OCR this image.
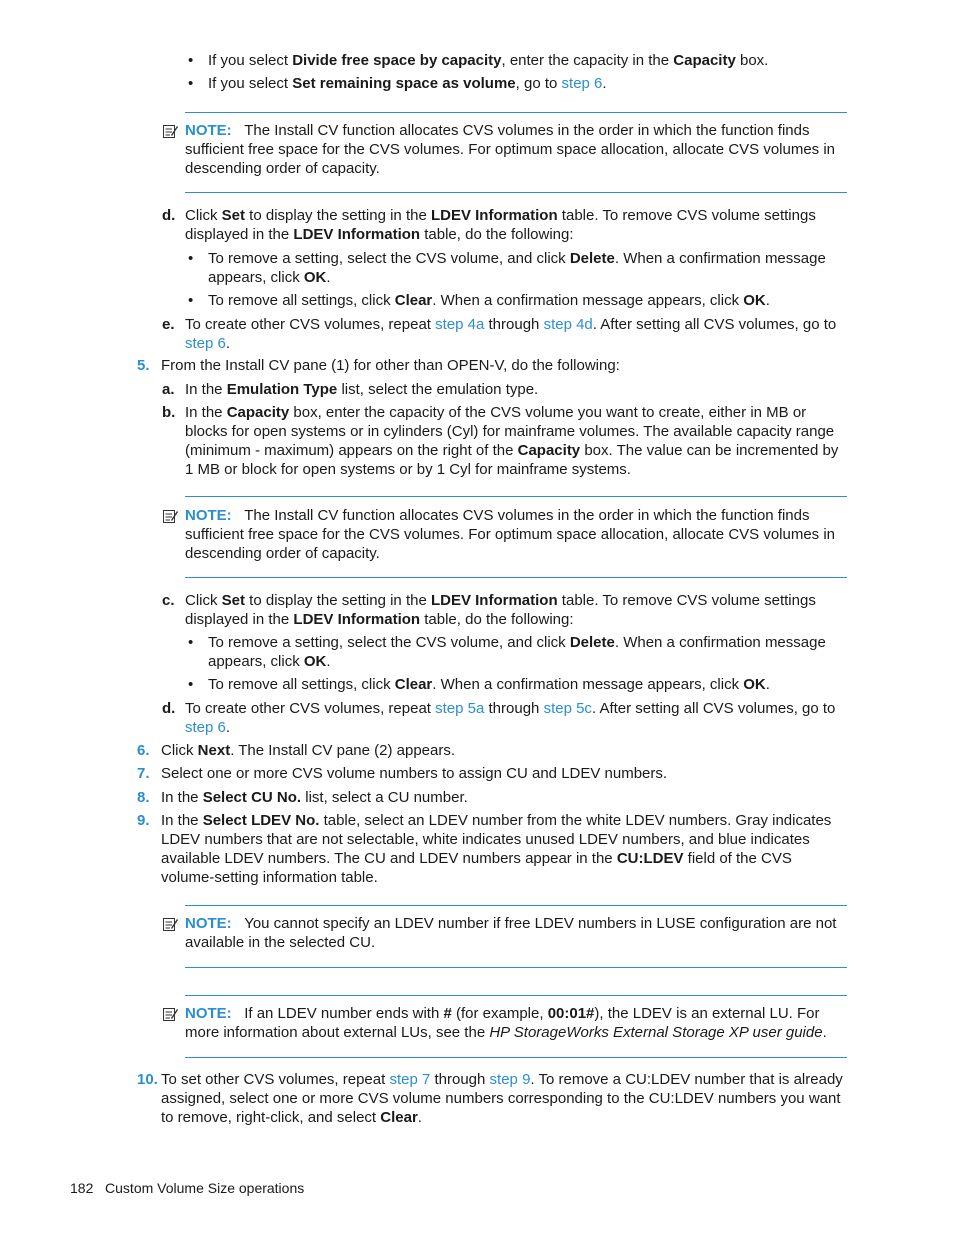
• If you select Divide free space by capacity, enter the capacity in the Capacity box.
• If you select Set remaining space as volume, go to step 6.
NOTE: The Install CV function allocates CVS volumes in the order in which the function finds
sufficient free space for the CVS volumes. For optimum space allocation, allocate CVS volumes in
descending order of capacity.
d. Click Set to display the setting in the LDEV Information table. To remove CVS volume settings
displayed in the LDEV Information table, do the following:
• To remove a setting, select the CVS volume, and click Delete. When a confirmation message
appears, click OK.
• To remove all settings, click Clear. When a confirmation message appears, click OK.
e. To create other CVS volumes, repeat step 4a through step 4d. After setting all CVS volumes, go to
step 6.
5. From the Install CV pane (1) for other than OPEN-V, do the following:
a. In the Emulation Type list, select the emulation type.
b. In the Capacity box, enter the capacity of the CVS volume you want to create, either in MB or
blocks for open systems or in cylinders (Cyl) for mainframe volumes. The available capacity range
(minimum - maximum) appears on the right of the Capacity box. The value can be incremented by
1 MB or block for open systems or by 1 Cyl for mainframe systems.
NOTE: The Install CV function allocates CVS volumes in the order in which the function finds
sufficient free space for the CVS volumes. For optimum space allocation, allocate CVS volumes in
descending order of capacity.
c. Click Set to display the setting in the LDEV Information table. To remove CVS volume settings
displayed in the LDEV Information table, do the following:
• To remove a setting, select the CVS volume, and click Delete. When a confirmation message
appears, click OK.
• To remove all settings, click Clear. When a confirmation message appears, click OK.
d. To create other CVS volumes, repeat step 5a through step 5c. After setting all CVS volumes, go to
step 6.
6. Click Next. The Install CV pane (2) appears.
7. Select one or more CVS volume numbers to assign CU and LDEV numbers.
8. In the Select CU No. list, select a CU number.
9. In the Select LDEV No. table, select an LDEV number from the white LDEV numbers. Gray indicates
LDEV numbers that are not selectable, white indicates unused LDEV numbers, and blue indicates
available LDEV numbers. The CU and LDEV numbers appear in the CU:LDEV field of the CVS
volume-setting information table.
NOTE: You cannot specify an LDEV number if free LDEV numbers in LUSE configuration are not
available in the selected CU.
NOTE: If an LDEV number ends with # (for example, 00:01#), the LDEV is an external LU. For
more information about external LUs, see the HP StorageWorks External Storage XP user guide.
10. To set other CVS volumes, repeat step 7 through step 9. To remove a CU:LDEV number that is already
assigned, select one or more CVS volume numbers corresponding to the CU:LDEV numbers you want
to remove, right-click, and select Clear.
182 Custom Volume Size operations
